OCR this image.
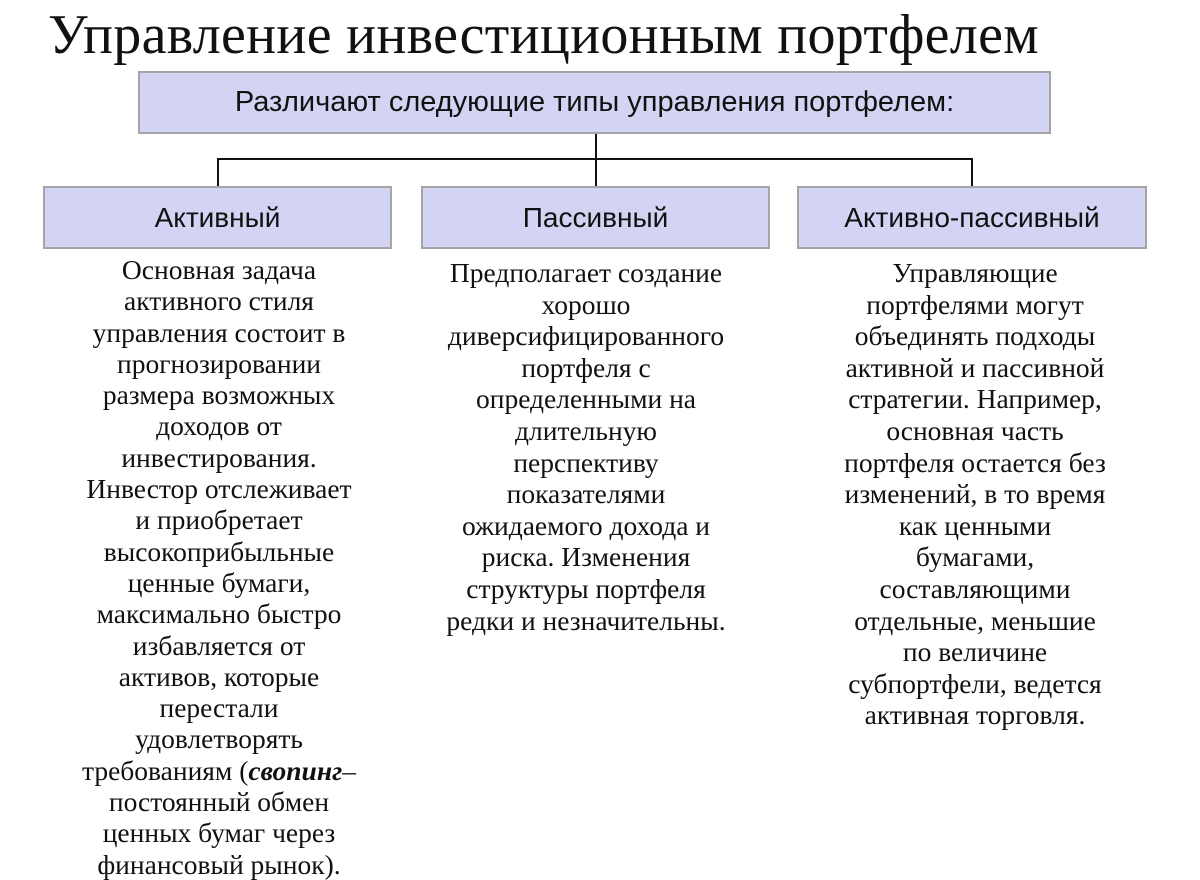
Управление инвестиционным портфелем
Различают следующие типы управления портфелем:
Активный	Пассивный	Активно-пассивный
Основная задача
активного стиля
управления состоит в
прогнозировании
размера возможных
доходов от
инвестирования.
Инвестор отслеживает
и приобретает
высокоприбыльные
ценные бумаги,
максимально быстро
избавляется от
активов, которые
перестали
удовлетворять
требованиям (свопинг–
постоянный обмен
ценных бумаг через
финансовый рынок).
Предполагает создание
хорошо
диверсифицированного
портфеля с
определенными на
длительную
перспективу
показателями
ожидаемого дохода и
риска. Изменения
структуры портфеля
редки и незначительны.
Управляющие
портфелями могут
объединять подходы
активной и пассивной
стратегии. Например,
основная часть
портфеля остается без
изменений, в то время
как ценными
бумагами,
составляющими
отдельные, меньшие
по величине
субпортфели, ведется
активная торговля.
